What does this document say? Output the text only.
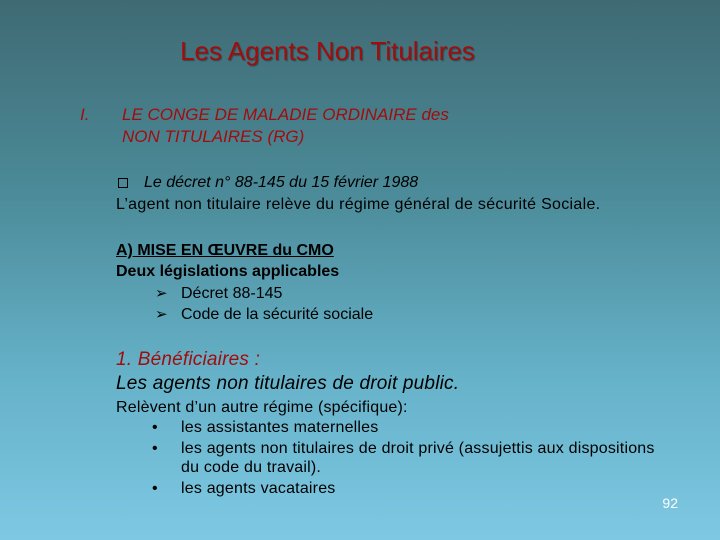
Les Agents Non Titulaires
I. LE CONGE DE MALADIE ORDINAIRE des
NON TITULAIRES (RG)
Le décret n° 88-145 du 15 février 1988
L’agent non titulaire relève du régime général de sécurité Sociale.
A) MISE EN ŒUVRE du CMO
Deux législations applicables
➢ Décret 88-145
➢ Code de la sécurité sociale
1. Bénéficiaires :
Les agents non titulaires de droit public.
Relèvent d’un autre régime (spécifique):
•	les assistantes maternelles
•	les agents non titulaires de droit privé (assujettis aux dispositions
du code du travail).
•	les agents vacataires
92
